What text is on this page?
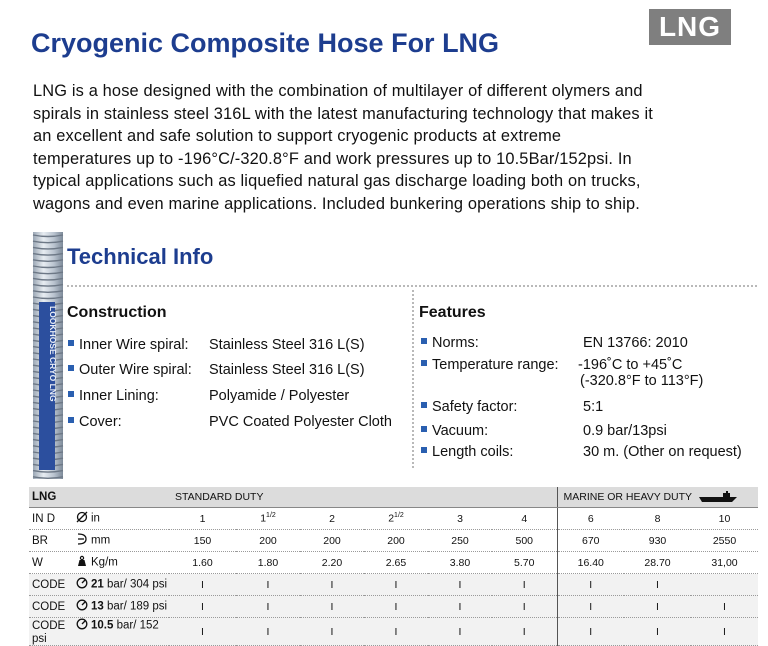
Cryogenic Composite Hose For LNG
LNG
LNG is a hose designed with the combination of multilayer of different olymers and
spirals in stainless steel 316L with the latest manufacturing technology that makes it
an excellent and safe solution to support cryogenic products at extreme
temperatures up to -196°C/-320.8°F and work pressures up to 10.5Bar/152psi. In
typical applications such as liquefied natural gas discharge loading both on trucks,
wagons and even marine applications. Included bunkering operations ship to ship.
LOOKHOSE CRYO LNG
Technical Info
Construction	Features
Inner Wire spiral: Stainless Steel 316 L(S)
Outer Wire spiral: Stainless Steel 316 L(S)
Inner Lining:	Polyamide / Polyester
Cover:	PVC Coated Polyester Cloth
Norms:	EN 13766: 2010
Temperature range: -196˚C to +45˚C
(-320.8°F to 113°F)
Safety factor:	5:1
Vacuum:	0.9 bar/13psi
Length coils:	30 m. (Other on request)
LNG	STANDARD DUTY						MARINE OR HEAVY DUTY		
IN D in	1	$1^{1/2}$	2	$2^{1/2}$	3	4	6	8	10
BR mm	150	200	200	200	250	500	670	930	2550
W Kg/m	1.60	1.80	2.20	2.65	3.80	5.70	16.40	28.70	31,00
CODE 21 bar/ 304 psi	I	I	I	I	I	I	I	I	
CODE 13 bar/ 189 psi	I	I	I	I	I	I	I	I	I
CODE 10.5 bar/ 152 psi	I	I	I	I	I	I	I	I	I
